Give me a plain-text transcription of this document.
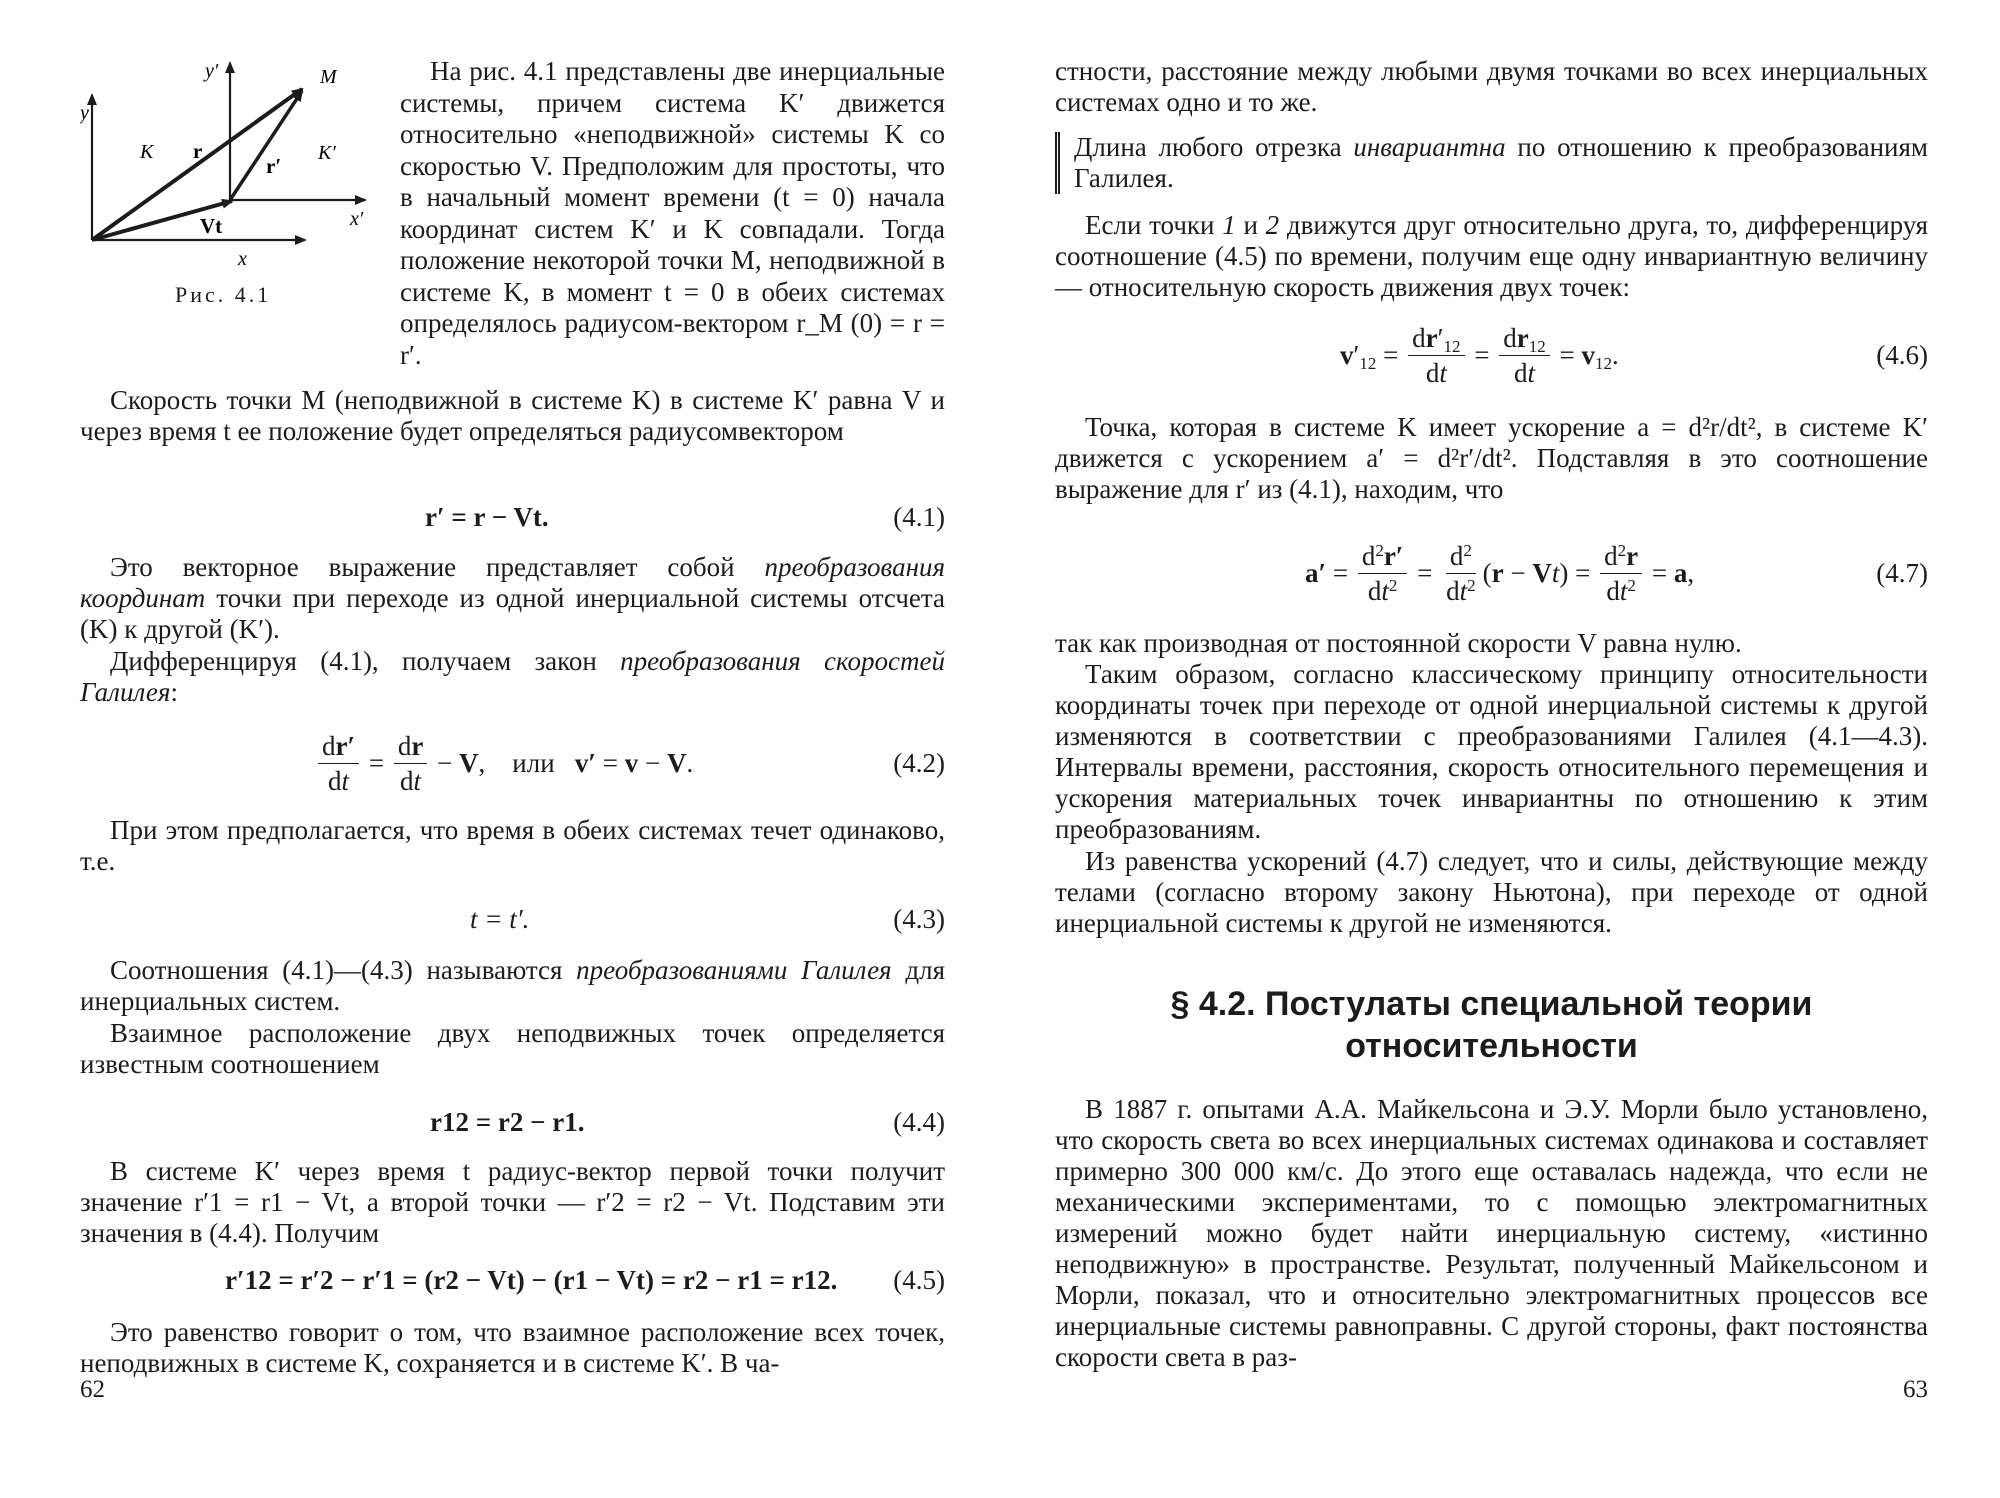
y′
y
M
K r
r′
K′
x′
Vt
x
Рис. 4.1

На рис. 4.1 представлены две инерциальные системы, причем система K′ движется относительно «неподвижной» системы K со скоростью V. Предположим для простоты, что в начальный момент времени (t = 0) начала координат систем K′ и K совпадали. Тогда положение некоторой точки M, неподвижной в системе K, в момент t = 0 в обеих системах определялось радиусом-вектором r_M (0) = r = r′.

Скорость точки M (неподвижной в системе K) в системе K′ равна V и через время t ее положение будет определяться радиусомвектором

r′ = r − Vt.	(4.1)

Это векторное выражение представляет собой преобразования координат точки при переходе из одной инерциальной системы отсчета (K) к другой (K′).

Дифференцируя (4.1), получаем закон преобразования скоростей Галилея:

$\frac{dr'}{dt} = \frac{dr}{dt} - V$, или v′ = v − V.	(4.2)

При этом предполагается, что время в обеих системах течет одинаково, т.е.

t = t′.	(4.3)

Соотношения (4.1)—(4.3) называются преобразованиями Галилея для инерциальных систем.

Взаимное расположение двух неподвижных точек определяется известным соотношением

r12 = r2 − r1.	(4.4)

В системе K′ через время t радиус-вектор первой точки получит значение r′1 = r1 − Vt, а второй точки — r′2 = r2 − Vt. Подставим эти значения в (4.4). Получим

r′12 = r′2 − r′1 = (r2 − Vt) − (r1 − Vt) = r2 − r1 = r12. (4.5)

Это равенство говорит о том, что взаимное расположение всех точек, неподвижных в системе K, сохраняется и в системе K′. В ча-

62

стности, расстояние между любыми двумя точками во всех инерциальных системах одно и то же.

Длина любого отрезка инвариантна по отношению к преобразованиям Галилея.

Если точки 1 и 2 движутся друг относительно друга, то, дифференцируя соотношение (4.5) по времени, получим еще одну инвариантную величину — относительную скорость движения двух точек:

$v'_{12} = \frac{dr'_{12}}{dt} = \frac{dr_{12}}{dt} = v_{12}$.	(4.6)

Точка, которая в системе K имеет ускорение a = d²r/dt², в системе K′ движется с ускорением a′ = d²r′/dt². Подставляя в это соотношение выражение для r′ из (4.1), находим, что

$a' = \frac{d^2r'}{dt^2} = \frac{d^2}{dt^2} (r - Vt) = \frac{d^2r}{dt^2} = a$,	(4.7)

так как производная от постоянной скорости V равна нулю.

Таким образом, согласно классическому принципу относительности координаты точек при переходе от одной инерциальной системы к другой изменяются в соответствии с преобразованиями Галилея (4.1—4.3). Интервалы времени, расстояния, скорость относительного перемещения и ускорения материальных точек инвариантны по отношению к этим преобразованиям.

Из равенства ускорений (4.7) следует, что и силы, действующие между телами (согласно второму закону Ньютона), при переходе от одной инерциальной системы к другой не изменяются.

§ 4.2. Постулаты специальной теории
относительности

В 1887 г. опытами А.А. Майкельсона и Э.У. Морли было установлено, что скорость света во всех инерциальных системах одинакова и составляет примерно 300 000 км/с. До этого еще оставалась надежда, что если не механическими экспериментами, то с помощью электромагнитных измерений можно будет найти инерциальную систему, «истинно неподвижную» в пространстве. Результат, полученный Майкельсоном и Морли, показал, что и относительно электромагнитных процессов все инерциальные системы равноправны. С другой стороны, факт постоянства скорости света в раз-

63
